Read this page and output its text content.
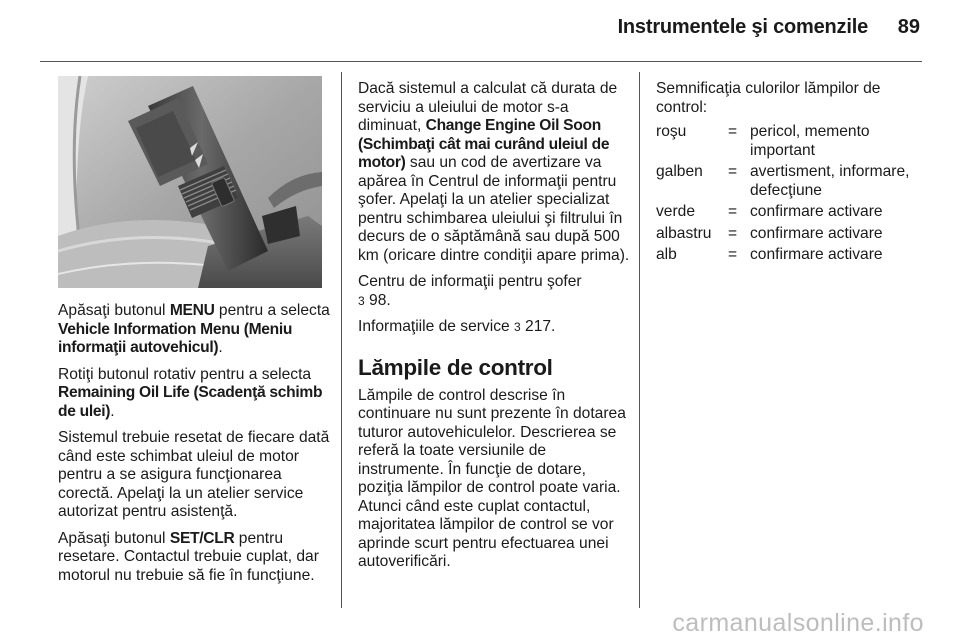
Instrumentele şi comenzile 89

Apăsaţi butonul MENU pentru a selecta Vehicle Information Menu (Meniu informaţii autovehicul).

Rotiţi butonul rotativ pentru a selecta Remaining Oil Life (Scadenţă schimb de ulei).

Sistemul trebuie resetat de fiecare dată când este schimbat uleiul de motor pentru a se asigura funcţionarea corectă. Apelaţi la un atelier service autorizat pentru asistenţă.

Apăsaţi butonul SET/CLR pentru resetare. Contactul trebuie cuplat, dar motorul nu trebuie să fie în funcţiune.

Dacă sistemul a calculat că durata de serviciu a uleiului de motor s-a diminuat, Change Engine Oil Soon (Schimbaţi cât mai curând uleiul de motor) sau un cod de avertizare va apărea în Centrul de informaţii pentru şofer. Apelaţi la un atelier specializat pentru schimbarea uleiului şi filtrului în decurs de o săptămână sau după 500 km (oricare dintre condiţii apare prima).

Centru de informaţii pentru şofer
3 98.

Informaţiile de service 3 217.

Lămpile de control

Lămpile de control descrise în continuare nu sunt prezente în dotarea tuturor autovehiculelor. Descrierea se referă la toate versiunile de instrumente. În funcţie de dotare, poziţia lămpilor de control poate varia. Atunci când este cuplat contactul, majoritatea lămpilor de control se vor aprinde scurt pentru efectuarea unei autoverificări.

Semnificaţia culorilor lămpilor de control:

roşu	=	pericol, memento important
galben	=	avertisment, informare, defecţiune
verde	=	confirmare activare
albastru	=	confirmare activare
alb	=	confirmare activare
carmanualsonline.info
